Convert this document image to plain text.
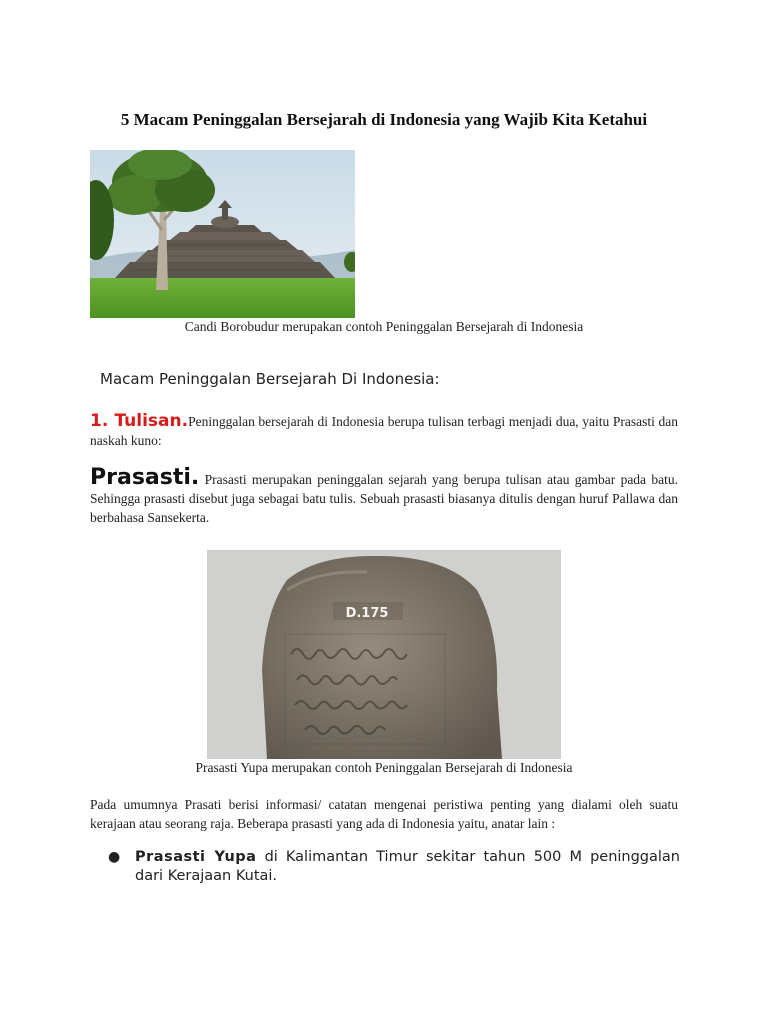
5 Macam Peninggalan Bersejarah di Indonesia yang Wajib Kita Ketahui
Candi Borobudur merupakan contoh Peninggalan Bersejarah di Indonesia
Macam Peninggalan Bersejarah Di Indonesia:
1. Tulisan.Peninggalan bersejarah di Indonesia berupa tulisan terbagi menjadi dua, yaitu Prasasti dan naskah kuno:
Prasasti. Prasasti merupakan peninggalan sejarah yang berupa tulisan atau gambar pada batu. Sehingga prasasti disebut juga sebagai batu tulis. Sebuah prasasti biasanya ditulis dengan huruf Pallawa dan berbahasa Sansekerta.
D.175
Prasasti Yupa merupakan contoh Peninggalan Bersejarah di Indonesia
Pada umumnya Prasati berisi informasi/ catatan mengenai peristiwa penting yang dialami oleh suatu kerajaan atau seorang raja. Beberapa prasasti yang ada di Indonesia yaitu, anatar lain :
● Prasasti Yupa di Kalimantan Timur sekitar tahun 500 M peninggalan dari Kerajaan Kutai.
